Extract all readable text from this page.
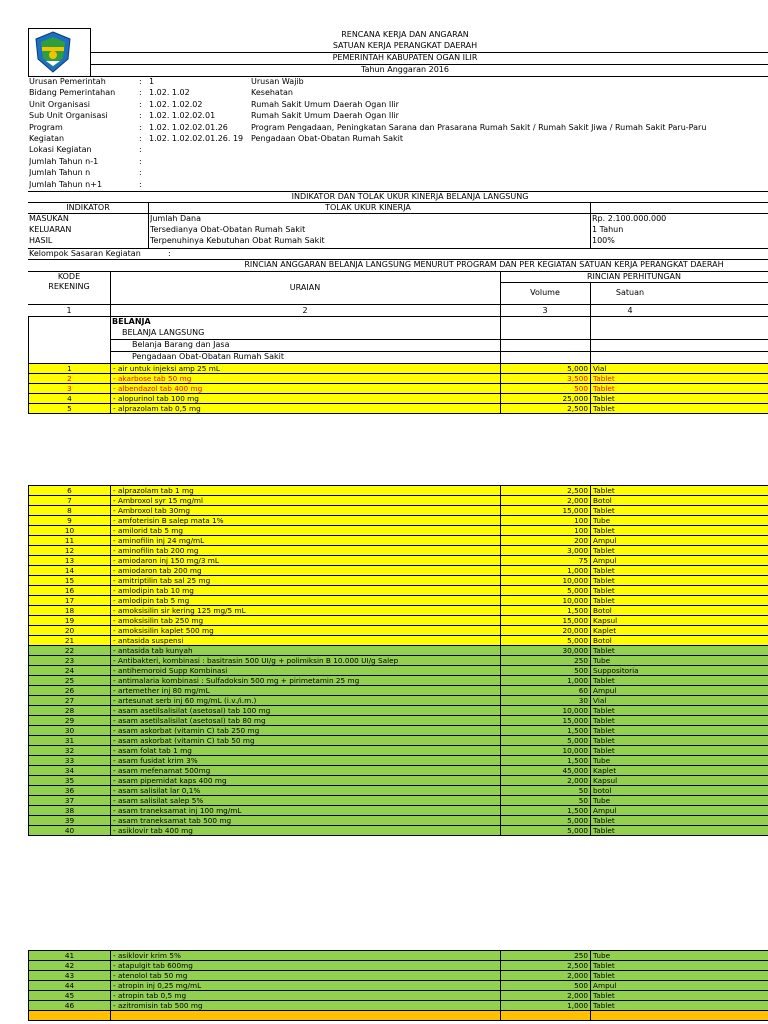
RENCANA KERJA DAN ANGARAN
SATUAN KERJA PERANGKAT DAERAH
PEMERINTAH KABUPATEN OGAN ILIR
Tahun Anggaran 2016
Urusan Pemerintah	: 1	Urusan Wajib
Bidang Pemerintahan	: 1.02. 1.02	Kesehatan
Unit Organisasi	: 1.02. 1.02.02	Rumah Sakit Umum Daerah Ogan Ilir
Sub Unit Organisasi	: 1.02. 1.02.02.01	Rumah Sakit Umum Daerah Ogan Ilir
Program	: 1.02. 1.02.02.01.26	Program Pengadaan, Peningkatan Sarana dan Prasarana Rumah Sakit / Rumah Sakit Jiwa / Rumah Sakit Paru-Paru
Kegiatan	: 1.02. 1.02.02.01.26. 19 Pengadaan Obat-Obatan Rumah Sakit
Lokasi Kegiatan	:
Jumlah Tahun n-1	:
Jumlah Tahun n	:
Jumlah Tahun n+1	:
INDIKATOR DAN TOLAK UKUR KINERJA BELANJA LANGSUNG
INDIKATOR	TOLAK UKUR KINERJA
MASUKAN	Jumlah Dana	Rp. 2.100.000.000
KELUARAN	Tersedianya Obat-Obatan Rumah Sakit	1 Tahun
HASIL	Terpenuhinya Kebutuhan Obat Rumah Sakit	100%
Kelompok Sasaran Kegiatan	:
RINCIAN ANGGARAN BELANJA LANGSUNG MENURUT PROGRAM DAN PER KEGIATAN SATUAN KERJA PERANGKAT DAERAH
KODE
REKENING	URAIAN
RINCIAN PERHITUNGAN
Volume	Satuan
1	2	3	4
BELANJA
BELANJA LANGSUNG
Belanja Barang dan Jasa
Pengadaan Obat-Obatan Rumah Sakit
1	- air untuk injeksi amp 25 mL	5,000	Vial
2	- akarbose tab 50 mg	3,500	Tablet
3	- albendazol tab 400 mg	500	Tablet
4	- alopurinol tab 100 mg	25,000	Tablet
5	- alprazolam tab 0,5 mg	2,500	Tablet
6	- alprazolam tab 1 mg	2,500	Tablet
7	- Ambroxol syr 15 mg/ml	2,000	Botol
8	- Ambroxol tab 30mg	15,000	Tablet
9	- amfoterisin B salep mata 1%	100	Tube
10	- amilorid tab 5 mg	100	Tablet
11	- aminofilin inj 24 mg/mL	200	Ampul
12	- aminofilin tab 200 mg	3,000	Tablet
13	- amiodaron inj 150 mg/3 mL	75	Ampul
14	- amiodaron tab 200 mg	1,000	Tablet
15	- amitriptilin tab sal 25 mg	10,000	Tablet
16	- amlodipin tab 10 mg	5,000	Tablet
17	- amlodipin tab 5 mg	10,000	Tablet
18	- amoksisilin sir kering 125 mg/5 mL	1,500	Botol
19	- amoksisilin tab 250 mg	15,000	Kapsul
20	- amoksisilin kaplet 500 mg	20,000	Kaplet
21	- antasida suspensi	5,000	Botol
22	- antasida tab kunyah	30,000	Tablet
23	- Antibakteri, kombinasi : basitrasin 500 UI/g + polimiksin B 10.000 UI/g Salep	250	Tube
24	- antihemoroid Supp Kombinasi	500	Suppositoria
25	- antimalaria kombinasi : Sulfadoksin 500 mg + pirimetamin 25 mg	1,000	Tablet
26	- artemether inj 80 mg/mL	60	Ampul
27	- artesunat serb inj 60 mg/mL (i.v./i.m.)	30	Vial
28	- asam asetilsalisilat (asetosal) tab 100 mg	10,000	Tablet
29	- asam asetilsalisilat (asetosal) tab 80 mg	15,000	Tablet
30	- asam askorbat (vitamin C) tab 250 mg	1,500	Tablet
31	- asam askorbat (vitamin C) tab 50 mg	5,000	Tablet
32	- asam folat tab 1 mg	10,000	Tablet
33	- asam fusidat krim 3%	1,500	Tube
34	- asam mefenamat 500mg	45,000	Kaplet
35	- asam pipemidat kaps 400 mg	2,000	Kapsul
36	- asam salisilat lar 0,1%	50	botol
37	- asam salisilat salep 5%	50	Tube
38	- asam traneksamat inj 100 mg/mL	1,500	Ampul
39	- asam traneksamat tab 500 mg	5,000	Tablet
40	- asiklovir tab 400 mg	5,000	Tablet
41	- asiklovir krim 5%	250	Tube
42	- atapulgit tab 600mg	2,500	Tablet
43	- atenolol tab 50 mg	2,000	Tablet
44	- atropin inj 0,25 mg/mL	500	Ampul
45	- atropin tab 0,5 mg	2,000	Tablet
46	- azitromisin tab 500 mg	1,000	Tablet
